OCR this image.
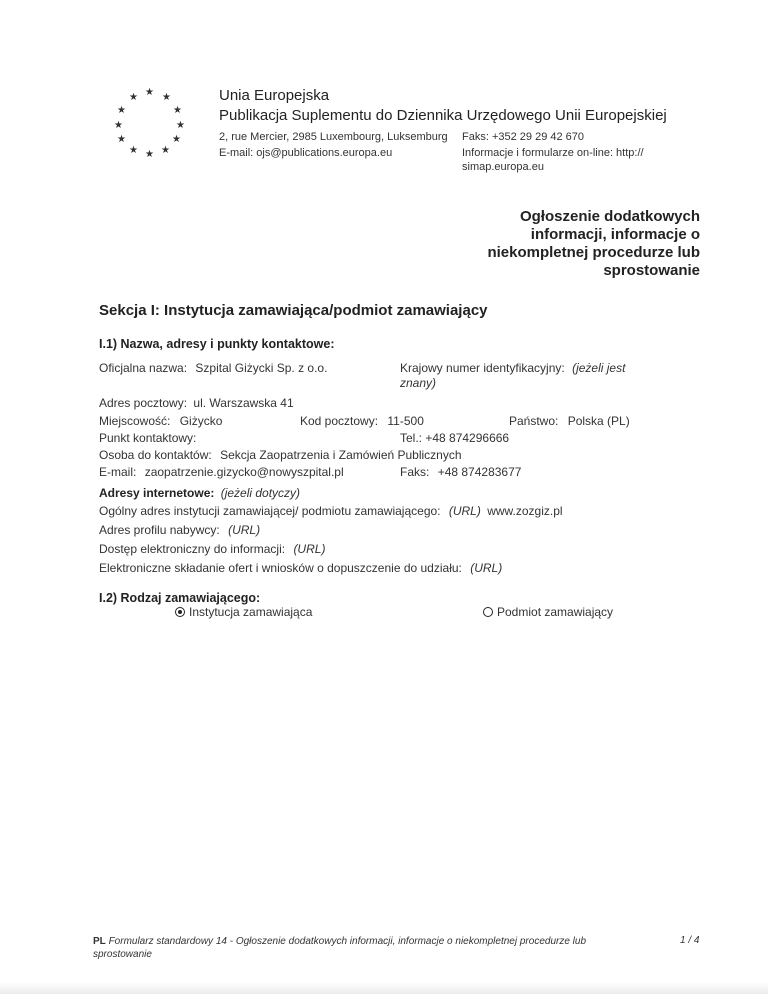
★ ★
★
★
★
★
★
★
★
★
★
★	Unia Europejska
Publikacja Suplementu do Dziennika Urzędowego Unii Europejskiej
2, rue Mercier, 2985 Luxembourg, Luksemburg Faks: +352 29 29 42 670
E-mail: ojs@publications.europa.eu	Informacje i formularze on-line: http://
simap.europa.eu
Ogłoszenie dodatkowych
informacji, informacje o
niekompletnej procedurze lub
sprostowanie
Sekcja I: Instytucja zamawiająca/podmiot zamawiający
I.1) Nazwa, adresy i punkty kontaktowe:
Oficjalna nazwa: Szpital Giżycki Sp. z o.o.	Krajowy numer identyfikacyjny: (jeżeli jest
znany)
Adres pocztowy: ul. Warszawska 41
Miejscowość: Giżycko	Kod pocztowy: 11-500	Państwo: Polska (PL)
Punkt kontaktowy:	Tel.: +48 874296666
Osoba do kontaktów: Sekcja Zaopatrzenia i Zamówień Publicznych
E-mail: zaopatrzenie.gizycko@nowyszpital.pl	Faks: +48 874283677
Adresy internetowe: (jeżeli dotyczy)
Ogólny adres instytucji zamawiającej/ podmiotu zamawiającego: (URL) www.zozgiz.pl
Adres profilu nabywcy: (URL)
Dostęp elektroniczny do informacji: (URL)
Elektroniczne składanie ofert i wniosków o dopuszczenie do udziału: (URL)
I.2) Rodzaj zamawiającego:
Instytucja zamawiająca	Podmiot zamawiający
PL Formularz standardowy 14 - Ogłoszenie dodatkowych informacji, informacje o niekompletnej procedurze lub
sprostowanie
1 / 4
